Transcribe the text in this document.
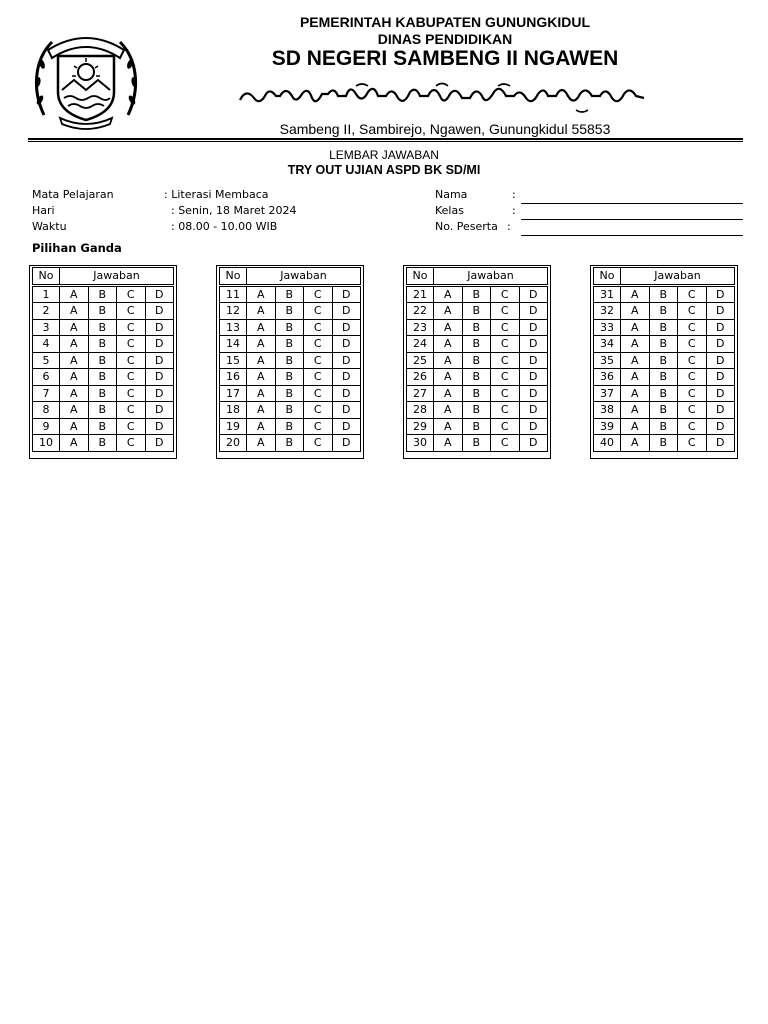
PEMERINTAH KABUPATEN GUNUNGKIDUL
DINAS PENDIDIKAN
SD NEGERI SAMBENG II NGAWEN
Sambeng II, Sambirejo, Ngawen, Gunungkidul 55853
LEMBAR JAWABAN
TRY OUT UJIAN ASPD BK SD/MI
Mata Pelajaran	: Literasi Membaca
Hari	: Senin, 18 Maret 2024
Waktu	: 08.00 - 10.00 WIB
Nama	:
Kelas	:
No. Peserta :
Pilihan Ganda
No	Jawaban			

1	A	B	C	D
2	A	B	C	D
3	A	B	C	D
4	A	B	C	D
5	A	B	C	D
6	A	B	C	D
7	A	B	C	D
8	A	B	C	D
9	A	B	C	D
10	A	B	C	D
No	Jawaban			

11	A	B	C	D
12	A	B	C	D
13	A	B	C	D
14	A	B	C	D
15	A	B	C	D
16	A	B	C	D
17	A	B	C	D
18	A	B	C	D
19	A	B	C	D
20	A	B	C	D
No	Jawaban			

21	A	B	C	D
22	A	B	C	D
23	A	B	C	D
24	A	B	C	D
25	A	B	C	D
26	A	B	C	D
27	A	B	C	D
28	A	B	C	D
29	A	B	C	D
30	A	B	C	D
No	Jawaban			

31	A	B	C	D
32	A	B	C	D
33	A	B	C	D
34	A	B	C	D
35	A	B	C	D
36	A	B	C	D
37	A	B	C	D
38	A	B	C	D
39	A	B	C	D
40	A	B	C	D
